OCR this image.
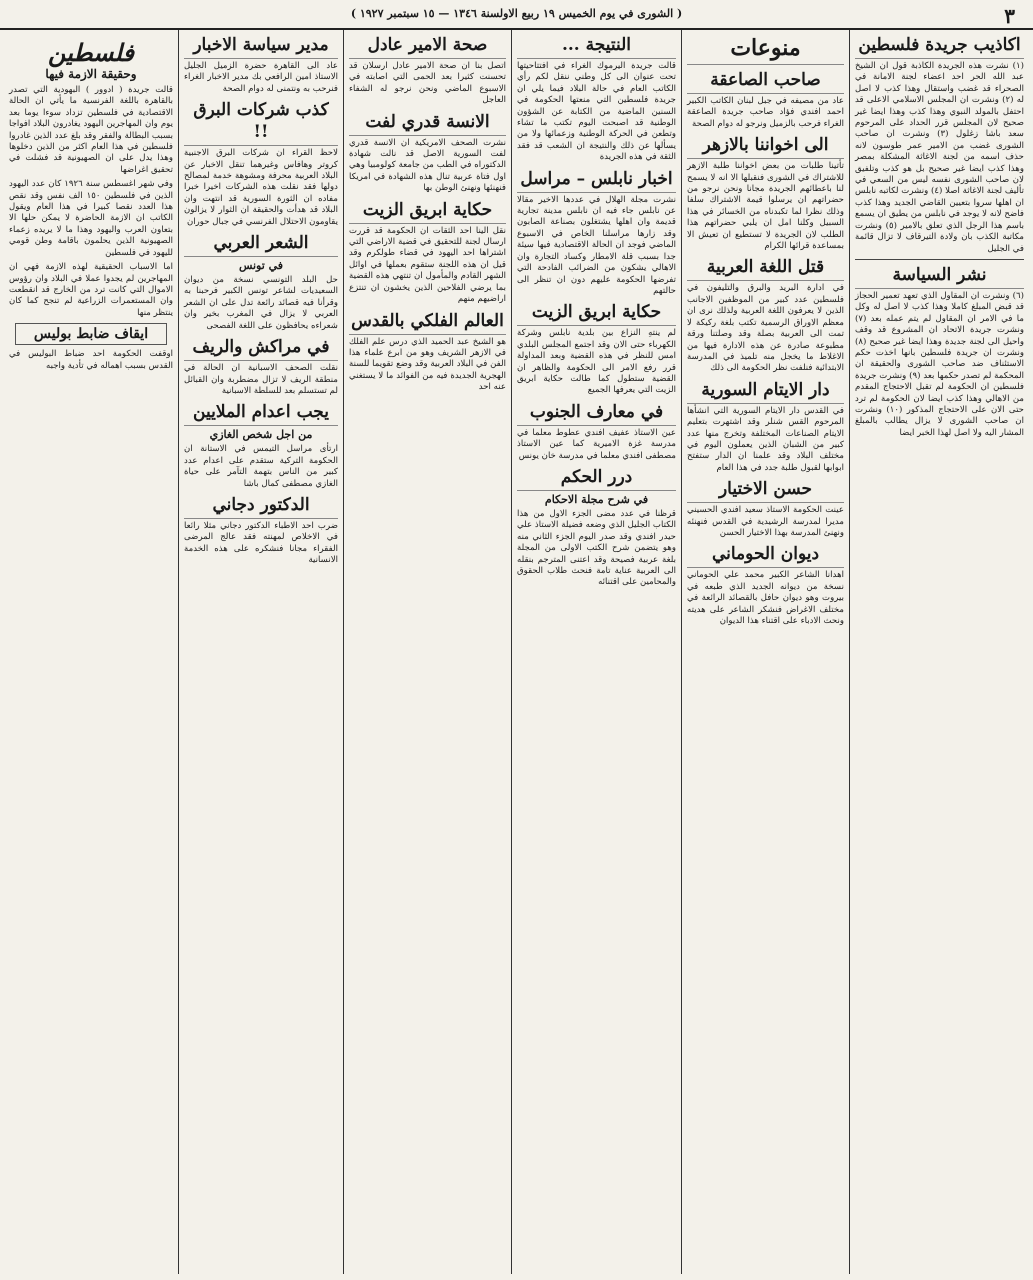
٣
( الشورى في يوم الخميس ١٩ ربيع الاولسنة ١٣٤٦ — ١٥ سبتمبر ١٩٢٧ )
اكاذيب جريدة فلسطين
(١) نشرت هذه الجريدة الكاذبة قول ان الشيخ عبد الله الحر احد اعضاء لجنة الامانة في الصحراء قد غضب واستقال وهذا كذب لا اصل له (٢) ونشرت ان المجلس الاسلامي الاعلى قد احتفل بالمولد النبوي وهذا كذب وهذا ايضا غير صحيح لان المجلس قرر الحداد على المرحوم سعد باشا زغلول (٣) ونشرت ان صاحب الشورى غضب من الامير عمر طوسون لانه حذف اسمه من لجنة الاغاثة المشكلة بمصر وهذا كذب ايضا غير صحيح بل هو كذب وتلفيق لان صاحب الشورى نفسه ليس من السعي في تأليف لجنة الاغاثة اصلا (٤) ونشرت لكاتبه نابلس ان اهلها سروا بتعيين القاضي الجديد وهذا كذب فاضح لانه لا يوجد في نابلس من يطيق ان يسمع باسم هذا الرجل الذي تعلق بالامير (٥) ونشرت مكاتبة الكذب بان ولادة التيرقاف لا تزال قائمة في الجليل
نشر السياسة
(٦) ونشرت ان المقاول الذي تعهد تعمير الحجاز قد قبض المبلغ كاملا وهذا كذب لا اصل له وكل ما في الامر ان المقاول لم يتم عمله بعد (٧) ونشرت جريدة الاتحاد ان المشروع قد وقف واحيل الى لجنة جديدة وهذا ايضا غير صحيح (٨) ونشرت ان جريدة فلسطين بانها اخذت حكم الاستئناف ضد صاحب الشورى والحقيقة ان المحكمة لم تصدر حكمها بعد (٩) ونشرت جريدة فلسطين ان الحكومة لم تقبل الاحتجاج المقدم من الاهالي وهذا كذب ايضا لان الحكومة لم ترد حتى الان على الاحتجاج المذكور (١٠) ونشرت ان صاحب الشورى لا يزال يطالب بالمبلغ المشار اليه ولا اصل لهذا الخبر ايضا
منوعات
صاحب الصاعقة
عاد من مصيفه في جبل لبنان الكاتب الكبير احمد افندي فؤاد صاحب جريدة الصاعقة الغراء فرحب بالزميل ونرجو له دوام الصحة
الى اخواننا بالازهر
تأتينا طلبات من بعض اخواننا طلبة الازهر للاشتراك في الشورى فنقبلها الا انه لا يسمح لنا باعطائهم الجريدة مجانا ونحن نرجو من حضراتهم ان يرسلوا قيمة الاشتراك سلفا وذلك نظرا لما تكبدناه من الخسائر في هذا السبيل وكلنا امل ان يلبي حضراتهم هذا الطلب لان الجريدة لا تستطيع ان تعيش الا بمساعدة قرائها الكرام
قتل اللغة العربية
في ادارة البريد والبرق والتليفون في فلسطين عدد كبير من الموظفين الاجانب الذين لا يعرفون اللغة العربية ولذلك نرى ان معظم الاوراق الرسمية تكتب بلغة ركيكة لا تمت الى العربية بصلة وقد وصلتنا ورقة مطبوعة صادرة عن هذه الادارة فيها من الاغلاط ما يخجل منه تلميذ في المدرسة الابتدائية فنلفت نظر الحكومة الى ذلك
دار الايتام السورية
في القدس دار الايتام السورية التي انشأها المرحوم القس شنلر وقد اشتهرت بتعليم الايتام الصناعات المختلفة وتخرج منها عدد كبير من الشبان الذين يعملون اليوم في مختلف البلاد وقد علمنا ان الدار ستفتح ابوابها لقبول طلبة جدد في هذا العام
حسن الاختيار
عينت الحكومة الاستاذ سعيد افندي الحسيني مديرا لمدرسة الرشيدية في القدس فنهنئه ونهنئ المدرسة بهذا الاختيار الحسن
ديوان الحوماني
اهدانا الشاعر الكبير محمد علي الحوماني نسخة من ديوانه الجديد الذي طبعه في بيروت وهو ديوان حافل بالقصائد الرائعة في مختلف الاغراض فنشكر الشاعر على هديته ونحث الادباء على اقتناء هذا الديوان
النتيجة ...
قالت جريدة اليرموك الغراء في افتتاحيتها تحت عنوان الى كل وطني ننقل لكم رأي الكاتب العام في حالة البلاد فيما يلي ان جريدة فلسطين التي منعتها الحكومة في السنين الماضية من الكتابة عن الشؤون الوطنية قد اصبحت اليوم تكتب ما تشاء وتطعن في الحركة الوطنية وزعمائها ولا من يسألها عن ذلك والنتيجة ان الشعب قد فقد الثقة في هذه الجريدة
اخبار نابلس – مراسل
نشرت مجلة الهلال في عددها الاخير مقالا عن نابلس جاء فيه ان نابلس مدينة تجارية قديمة وان اهلها يشتغلون بصناعة الصابون وقد زارها مراسلنا الخاص في الاسبوع الماضي فوجد ان الحالة الاقتصادية فيها سيئة جدا بسبب قلة الامطار وكساد التجارة وان الاهالي يشكون من الضرائب الفادحة التي تفرضها الحكومة عليهم دون ان تنظر الى حالتهم
حكاية ابريق الزيت
لم ينتهِ النزاع بين بلدية نابلس وشركة الكهرباء حتى الان وقد اجتمع المجلس البلدي امس للنظر في هذه القضية وبعد المداولة قرر رفع الامر الى الحكومة والظاهر ان القضية ستطول كما طالت حكاية ابريق الزيت التي يعرفها الجميع
في معارف الجنوب
عين الاستاذ عفيف افندي عطوط معلما في مدرسة غزة الاميرية كما عين الاستاذ مصطفى افندي معلما في مدرسة خان يونس
درر الحكم
في شرح مجلة الاحكام
قرظنا في عدد مضى الجزء الاول من هذا الكتاب الجليل الذي وضعه فضيلة الاستاذ علي حيدر افندي وقد صدر اليوم الجزء الثاني منه وهو يتضمن شرح الكتب الاولى من المجلة بلغة عربية فصيحة وقد اعتنى المترجم بنقله الى العربية عناية تامة فنحث طلاب الحقوق والمحامين على اقتنائه
صحة الامير عادل
اتصل بنا ان صحة الامير عادل ارسلان قد تحسنت كثيرا بعد الحمى التي اصابته في الاسبوع الماضي ونحن نرجو له الشفاء العاجل
الانسة قدري لفت
نشرت الصحف الامريكية ان الانسة قدري لفت السورية الاصل قد نالت شهادة الدكتوراه في الطب من جامعة كولومبيا وهي اول فتاة عربية تنال هذه الشهادة في امريكا فنهنئها ونهنئ الوطن بها
حكاية ابريق الزيت
نقل الينا احد الثقات ان الحكومة قد قررت ارسال لجنة للتحقيق في قضية الاراضي التي اشتراها احد اليهود في قضاء طولكرم وقد قيل ان هذه اللجنة ستقوم بعملها في اوائل الشهر القادم والمأمول ان تنتهي هذه القضية بما يرضي الفلاحين الذين يخشون ان تنتزع اراضيهم منهم
العالم الفلكي بالقدس
هو الشيخ عبد الحميد الذي درس علم الفلك في الازهر الشريف وهو من ابرع علماء هذا الفن في البلاد العربية وقد وضع تقويما للسنة الهجرية الجديدة فيه من الفوائد ما لا يستغني عنه احد
مدير سياسة الاخبار
عاد الى القاهرة حضرة الزميل الجليل الاستاذ امين الرافعي بك مدير الاخبار الغراء فنرحب به ونتمنى له دوام الصحة
كذب شركات البرق !!
لاحظ القراء ان شركات البرق الاجنبية كروتر وهافاس وغيرهما تنقل الاخبار عن البلاد العربية محرفة ومشوهة خدمة لمصالح دولها فقد نقلت هذه الشركات اخيرا خبرا مفاده ان الثورة السورية قد انتهت وان البلاد قد هدأت والحقيقة ان الثوار لا يزالون يقاومون الاحتلال الفرنسي في جبال حوران
الشعر العربي
في تونس
حل البلد التونسي نسخة من ديوان السعيديات لشاعر تونس الكبير فرحبنا به وقرأنا فيه قصائد رائعة تدل على ان الشعر العربي لا يزال في المغرب بخير وان شعراءه يحافظون على اللغة الفصحى
في مراكش والريف
نقلت الصحف الاسبانية ان الحالة في منطقة الريف لا تزال مضطربة وان القبائل لم تستسلم بعد للسلطة الاسبانية
يجب اعدام الملايين
من اجل شخص الغازي
ارتأى مراسل التيمس في الاستانة ان الحكومة التركية ستقدم على اعدام عدد كبير من الناس بتهمة التآمر على حياة الغازي مصطفى كمال باشا
الدكتور دجاني
ضرب احد الاطباء الدكتور دجاني مثلا رائعا في الاخلاص لمهنته فقد عالج المرضى الفقراء مجانا فنشكره على هذه الخدمة الانسانية
فلسطين
وحقيقة الازمة فيها
قالت جريدة ( ادوور ) البهودية التي تصدر بالقاهرة باللغة الفرنسية ما يأتي ان الحالة الاقتصادية في فلسطين تزداد سوءا يوما بعد يوم وان المهاجرين اليهود يغادرون البلاد افواجا بسبب البطالة والفقر وقد بلغ عدد الذين غادروا فلسطين في هذا العام اكثر من الذين دخلوها وهذا يدل على ان الصهيونية قد فشلت في تحقيق اغراضها
وفي شهر اغسطس سنة ١٩٢٦ كان عدد اليهود الذين في فلسطين ١٥٠ الف نفس وقد نقص هذا العدد نقصا كبيرا في هذا العام ويقول الكاتب ان الازمة الحاضرة لا يمكن حلها الا بتعاون العرب واليهود وهذا ما لا يريده زعماء الصهيونية الذين يحلمون باقامة وطن قومي لليهود في فلسطين
اما الاسباب الحقيقية لهذه الازمة فهي ان المهاجرين لم يجدوا عملا في البلاد وان رؤوس الاموال التي كانت ترد من الخارج قد انقطعت وان المستعمرات الزراعية لم تنجح كما كان ينتظر منها
ايقاف ضابط بوليس
اوقفت الحكومة احد ضباط البوليس في القدس بسبب اهماله في تأدية واجبه
